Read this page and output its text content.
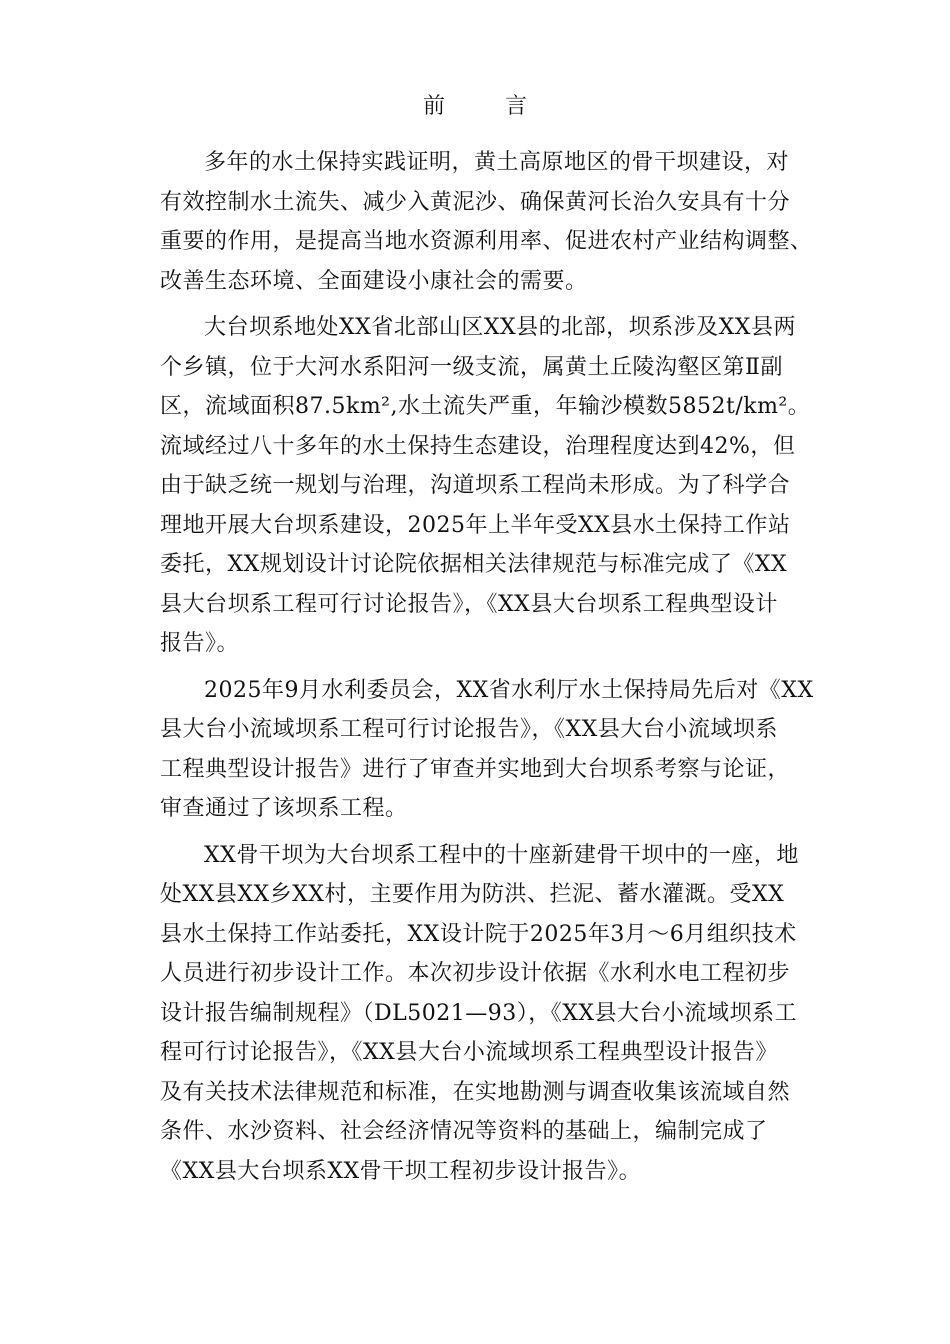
前言

多年的水土保持实践证明，黄土高原地区的骨干坝建设，对
有效控制水土流失、减少入黄泥沙、确保黄河长治久安具有十分
重要的作用，是提高当地水资源利用率、促进农村产业结构调整、
改善生态环境、全面建设小康社会的需要。

大台坝系地处XX省北部山区XX县的北部，坝系涉及XX县两
个乡镇，位于大河水系阳河一级支流，属黄土丘陵沟壑区第Ⅱ副
区，流域面积87.5km²,水土流失严重，年输沙模数5852t/km²。
流域经过八十多年的水土保持生态建设，治理程度达到42%，但
由于缺乏统一规划与治理，沟道坝系工程尚未形成。为了科学合
理地开展大台坝系建设，2025年上半年受XX县水土保持工作站
委托，XX规划设计讨论院依据相关法律规范与标准完成了《XX
县大台坝系工程可行讨论报告》，《XX县大台坝系工程典型设计
报告》。

2025年9月水利委员会，XX省水利厅水土保持局先后对《XX
县大台小流域坝系工程可行讨论报告》，《XX县大台小流域坝系
工程典型设计报告》进行了审查并实地到大台坝系考察与论证，
审查通过了该坝系工程。

XX骨干坝为大台坝系工程中的十座新建骨干坝中的一座，地
处XX县XX乡XX村，主要作用为防洪、拦泥、蓄水灌溉。受XX
县水土保持工作站委托，XX设计院于2025年3月～6月组织技术
人员进行初步设计工作。本次初步设计依据《水利水电工程初步
设计报告编制规程》（DL5021—93），《XX县大台小流域坝系工
程可行讨论报告》，《XX县大台小流域坝系工程典型设计报告》
及有关技术法律规范和标准，在实地勘测与调查收集该流域自然
条件、水沙资料、社会经济情况等资料的基础上，编制完成了
《XX县大台坝系XX骨干坝工程初步设计报告》。
